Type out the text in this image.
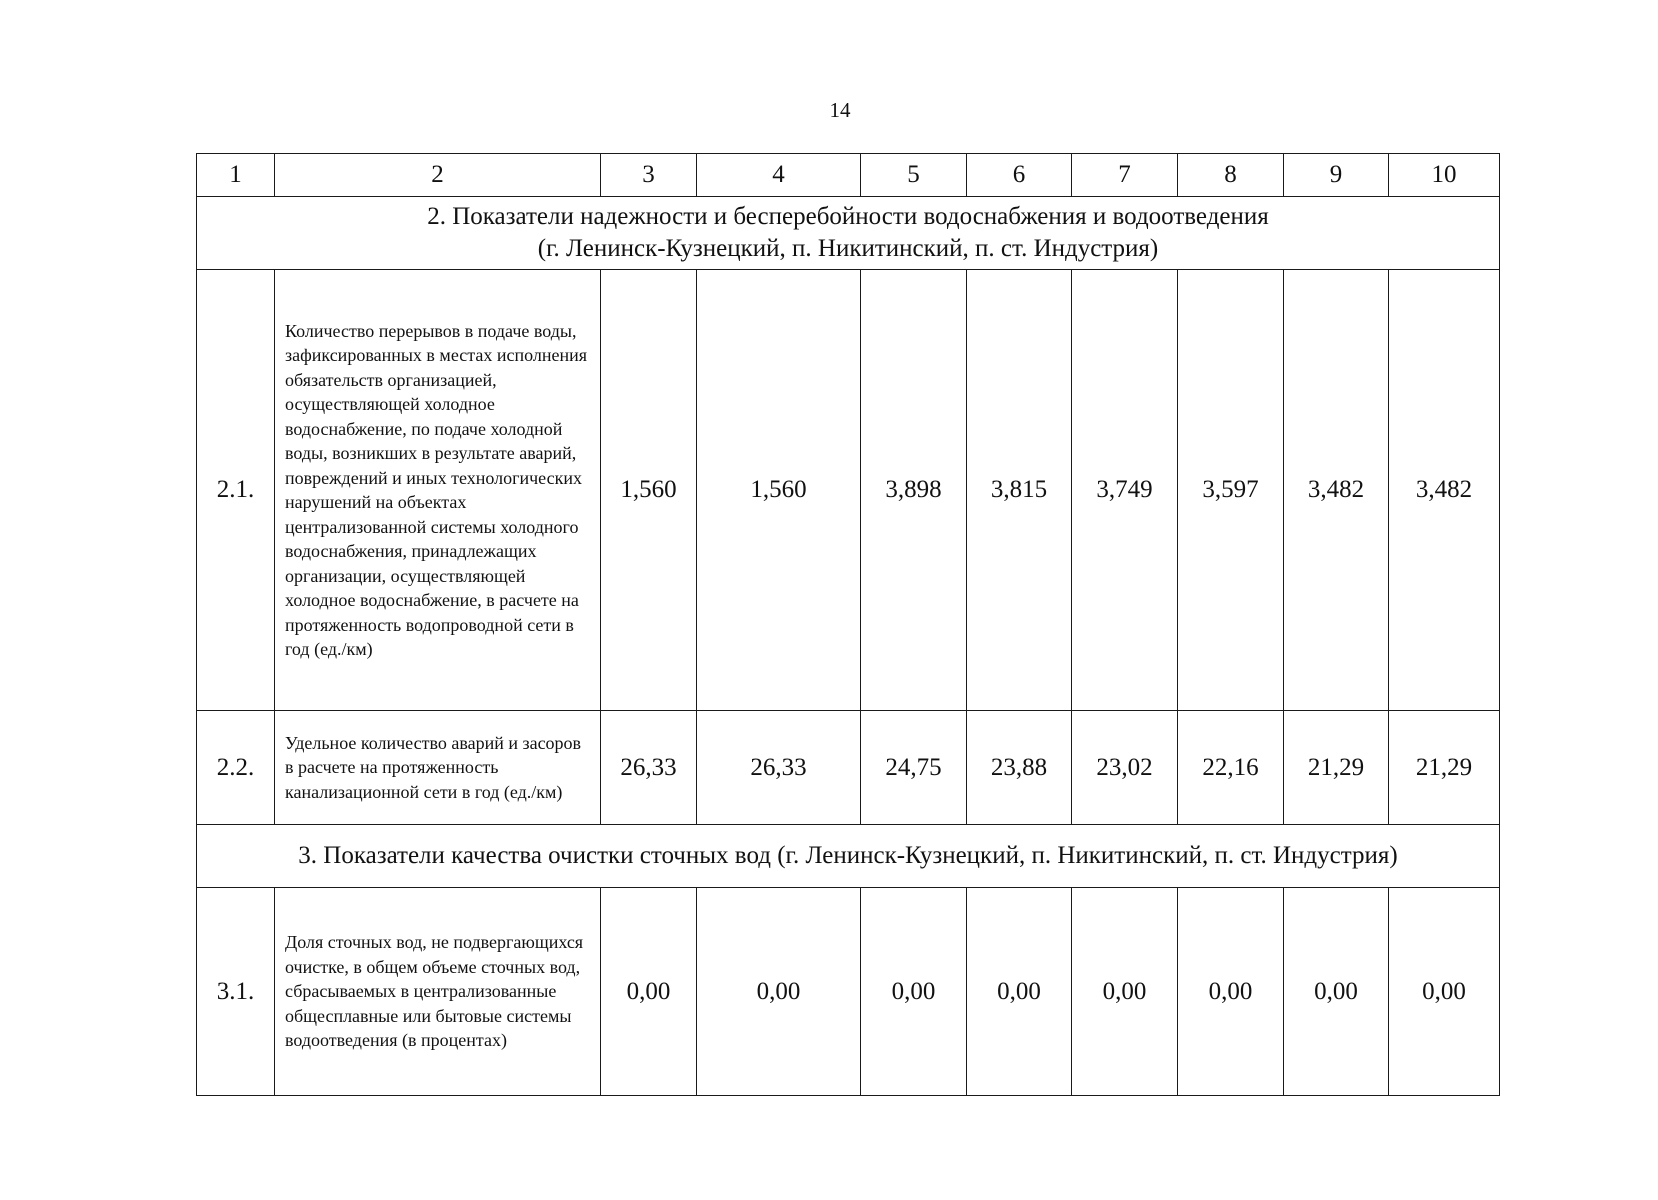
14
1	2	3	4	5	6	7	8	9	10

2. Показатели надежности и бесперебойности водоснабжения и водоотведения
(г. Ленинск-Кузнецкий, п. Никитинский, п. ст. Индустрия)									

2.1.	Количество перерывов в подаче воды, зафиксированных в местах исполнения обязательств организацией, осуществляющей холодное водоснабжение, по подаче холодной воды, возникших в результате аварий, повреждений и иных технологических нарушений на объектах централизованной системы холодного водоснабжения, принадлежащих организации, осуществляющей холодное водоснабжение, в расчете на протяженность водопроводной сети в год (ед./км)	1,560	1,560	3,898	3,815	3,749	3,597	3,482	3,482
2.2.	Удельное количество аварий и засоров в расчете на протяженность канализационной сети в год (ед./км)	26,33	26,33	24,75	23,88	23,02	22,16	21,29	21,29

3. Показатели качества очистки сточных вод (г. Ленинск-Кузнецкий, п. Никитинский, п. ст. Индустрия)									

3.1.	Доля сточных вод, не подвергающихся очистке, в общем объеме сточных вод, сбрасываемых в централизованные общесплавные или бытовые системы водоотведения (в процентах)	0,00	0,00	0,00	0,00	0,00	0,00	0,00	0,00
